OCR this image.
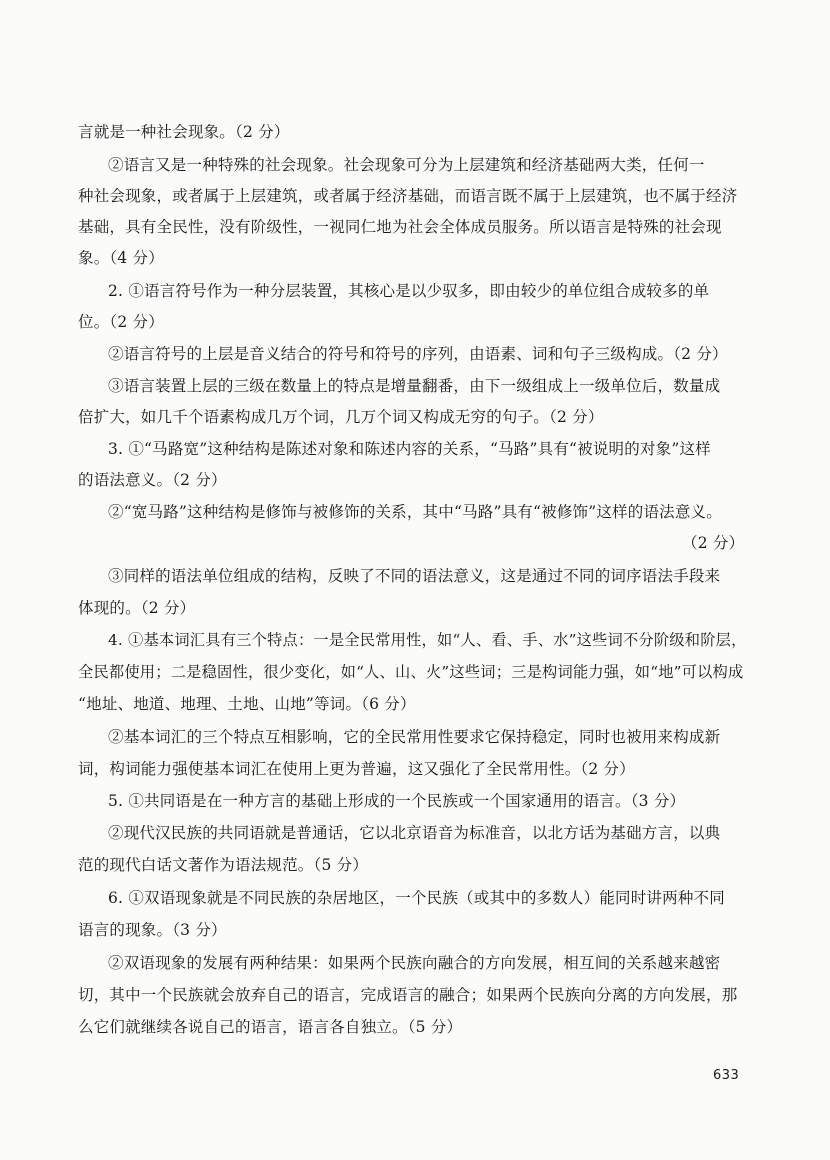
言就是一种社会现象。（2 分）
②语言又是一种特殊的社会现象。社会现象可分为上层建筑和经济基础两大类，任何一
种社会现象，或者属于上层建筑，或者属于经济基础，而语言既不属于上层建筑，也不属于经济
基础，具有全民性，没有阶级性，一视同仁地为社会全体成员服务。所以语言是特殊的社会现
象。（4 分）
2. ①语言符号作为一种分层装置，其核心是以少驭多，即由较少的单位组合成较多的单
位。（2 分）
②语言符号的上层是音义结合的符号和符号的序列，由语素、词和句子三级构成。（2 分）
③语言装置上层的三级在数量上的特点是增量翻番，由下一级组成上一级单位后，数量成
倍扩大，如几千个语素构成几万个词，几万个词又构成无穷的句子。（2 分）
3. ①“马路宽”这种结构是陈述对象和陈述内容的关系，“马路”具有“被说明的对象”这样
的语法意义。（2 分）
②“宽马路”这种结构是修饰与被修饰的关系，其中“马路”具有“被修饰”这样的语法意义。
（2 分）
③同样的语法单位组成的结构，反映了不同的语法意义，这是通过不同的词序语法手段来
体现的。（2 分）
4. ①基本词汇具有三个特点：一是全民常用性，如“人、看、手、水”这些词不分阶级和阶层，
全民都使用；二是稳固性，很少变化，如“人、山、火”这些词；三是构词能力强，如“地”可以构成
“地址、地道、地理、土地、山地”等词。（6 分）
②基本词汇的三个特点互相影响，它的全民常用性要求它保持稳定，同时也被用来构成新
词，构词能力强使基本词汇在使用上更为普遍，这又强化了全民常用性。（2 分）
5. ①共同语是在一种方言的基础上形成的一个民族或一个国家通用的语言。（3 分）
②现代汉民族的共同语就是普通话，它以北京语音为标准音，以北方话为基础方言，以典
范的现代白话文著作为语法规范。（5 分）
6. ①双语现象就是不同民族的杂居地区，一个民族（或其中的多数人）能同时讲两种不同
语言的现象。（3 分）
②双语现象的发展有两种结果：如果两个民族向融合的方向发展，相互间的关系越来越密
切，其中一个民族就会放弃自己的语言，完成语言的融合；如果两个民族向分离的方向发展，那
么它们就继续各说自己的语言，语言各自独立。（5 分）
633
